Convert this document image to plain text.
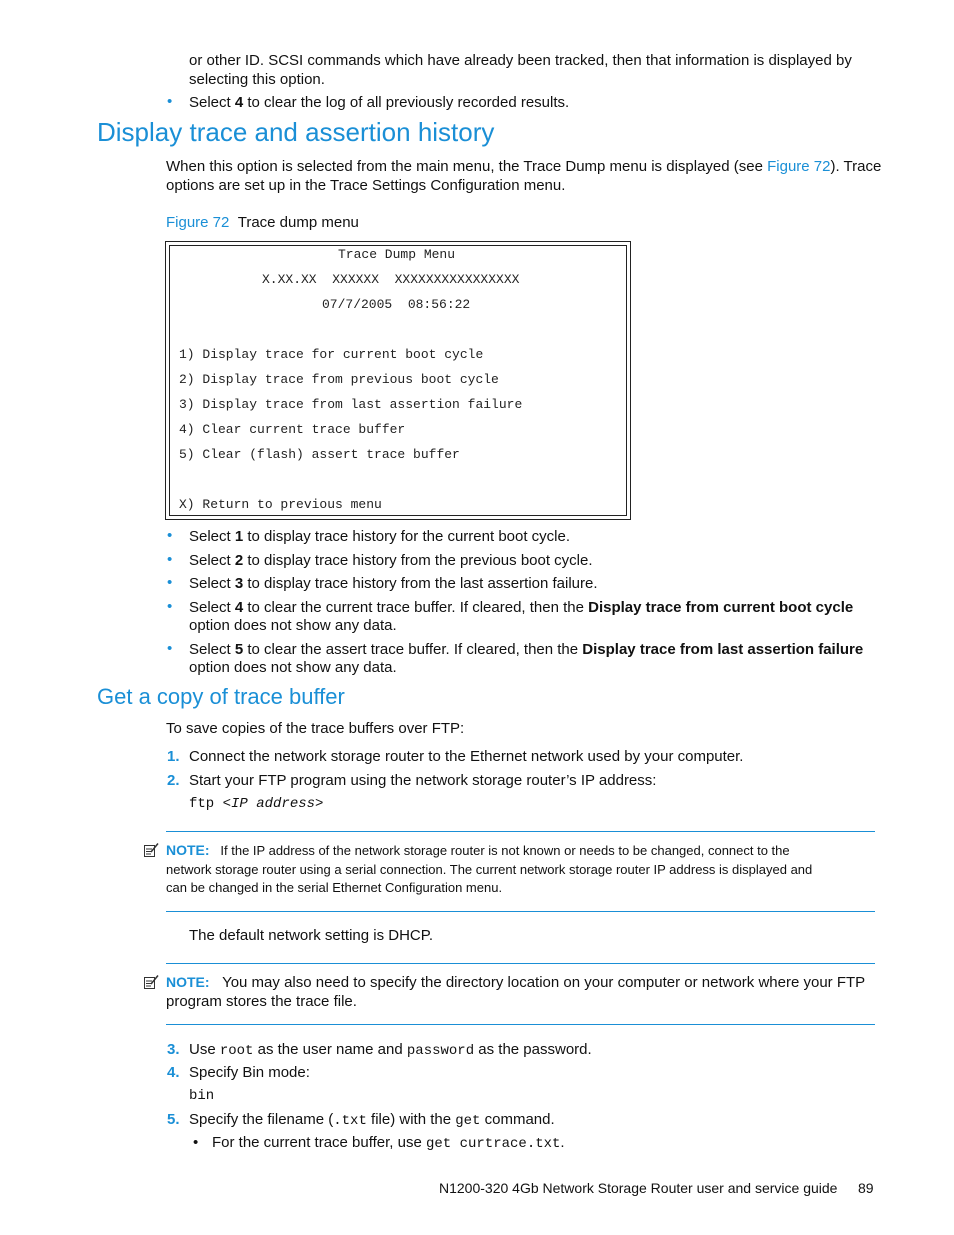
or other ID. SCSI commands which have already been tracked, then that information is displayed by
selecting this option.
• Select 4 to clear the log of all previously recorded results.
Display trace and assertion history
When this option is selected from the main menu, the Trace Dump menu is displayed (see Figure 72). Trace
options are set up in the Trace Settings Configuration menu.
Figure 72 Trace dump menu
Trace Dump Menu
X.XX.XX  XXXXXX  XXXXXXXXXXXXXXXX
07/7/2005  08:56:22
1) Display trace for current boot cycle
2) Display trace from previous boot cycle
3) Display trace from last assertion failure
4) Clear current trace buffer
5) Clear (flash) assert trace buffer
X) Return to previous menu
• Select 1 to display trace history for the current boot cycle.
• Select 2 to display trace history from the previous boot cycle.
• Select 3 to display trace history from the last assertion failure.
• Select 4 to clear the current trace buffer. If cleared, then the Display trace from current boot cycle
option does not show any data.
• Select 5 to clear the assert trace buffer. If cleared, then the Display trace from last assertion failure
option does not show any data.
Get a copy of trace buffer
To save copies of the trace buffers over FTP:
1. Connect the network storage router to the Ethernet network used by your computer.
2. Start your FTP program using the network storage router’s IP address:
ftp <IP address>
NOTE: If the IP address of the network storage router is not known or needs to be changed, connect to the
network storage router using a serial connection. The current network storage router IP address is displayed and
can be changed in the serial Ethernet Configuration menu.
The default network setting is DHCP.
NOTE: You may also need to specify the directory location on your computer or network where your FTP
program stores the trace file.
3. Use root as the user name and password as the password.
4. Specify Bin mode:
bin
5. Specify the filename (.txt file) with the get command.
• For the current trace buffer, use get curtrace.txt.
N1200-320 4Gb Network Storage Router user and service guide 89
